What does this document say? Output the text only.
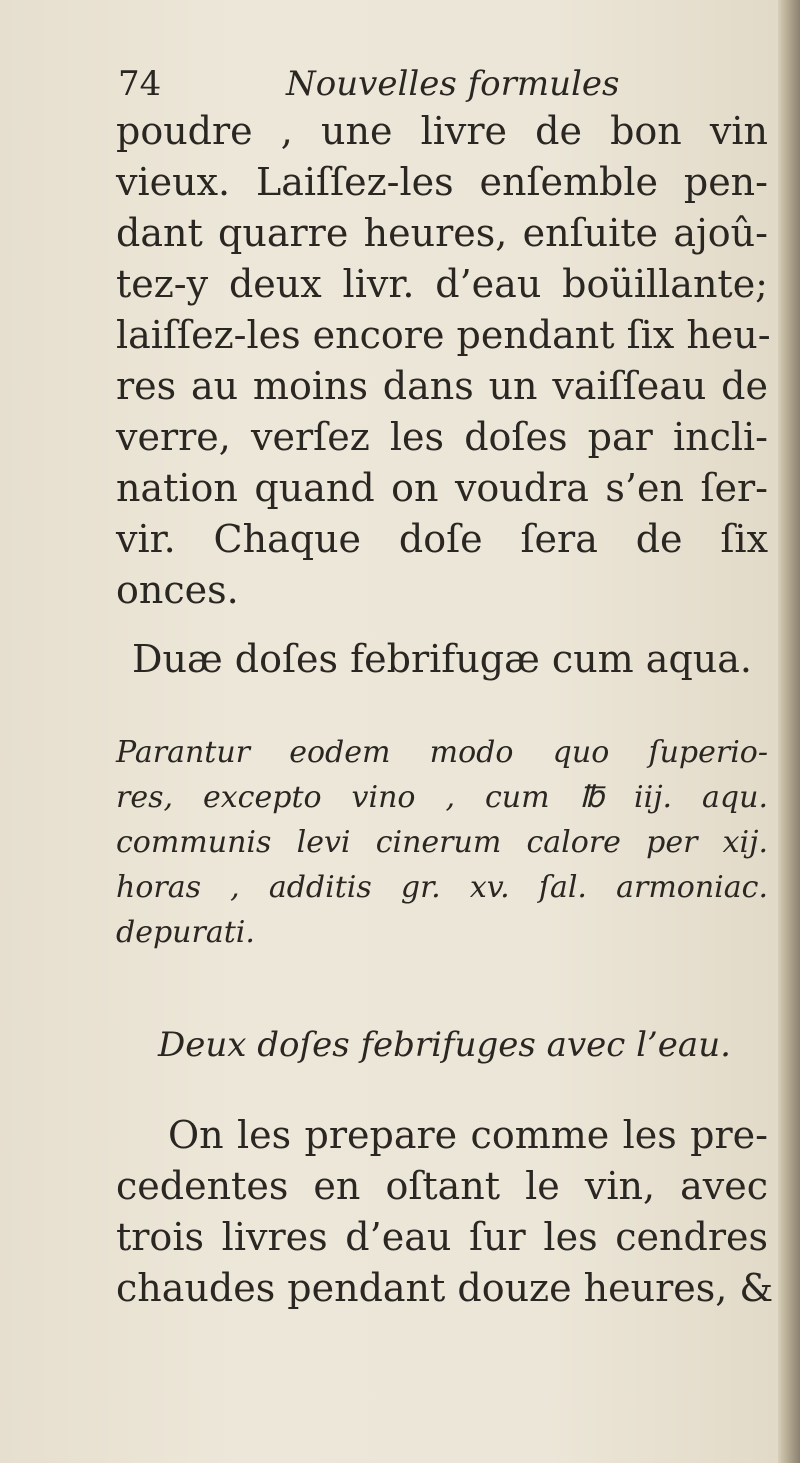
74	Nouvelles formules
poudre , une livre de bon vin
vieux. Laiſſez-les enſemble pen-
dant quarre heures, enſuite ajoû-
tez-y deux livr. d’eau boüillante;
laiſſez-les encore pendant ſix heu-
res au moins dans un vaiſſeau de
verre, verſez les doſes par incli-
nation quand on voudra s’en ſer-
vir. Chaque doſe ſera de ſix
onces.
Duæ doſes febrifugæ cum aqua.
Parantur eodem modo quo ſuperio-
res, excepto vino , cum ℔ iij. aqu.
communis levi cinerum calore per xij.
horas , additis gr. xv. ſal. armoniac.
depurati.
Deux doſes febrifuges avec l’eau.
On les prepare comme les pre-
cedentes en oſtant le vin, avec
trois livres d’eau ſur les cendres
chaudes pendant douze heures, &
